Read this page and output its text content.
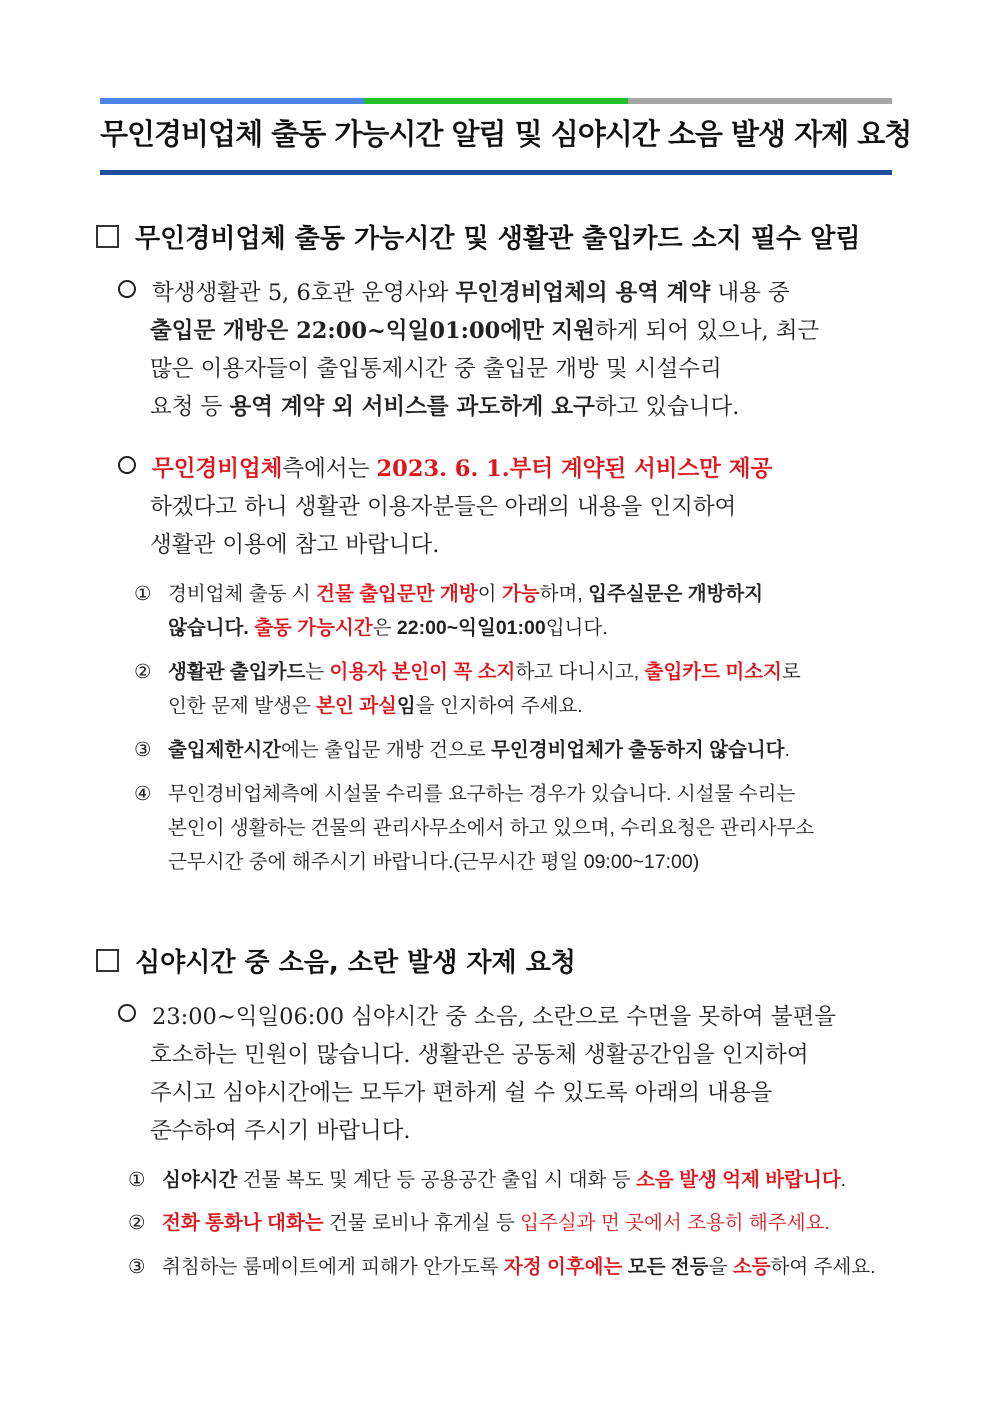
무인경비업체 출동 가능시간 알림 및 심야시간 소음 발생 자제 요청
무인경비업체 출동 가능시간 및 생활관 출입카드 소지 필수 알림
학생생활관 5, 6호관 운영사와 무인경비업체의 용역 계약 내용 중
출입문 개방은 22:00~익일01:00에만 지원하게 되어 있으나, 최근
많은 이용자들이 출입통제시간 중 출입문 개방 및 시설수리
요청 등 용역 계약 외 서비스를 과도하게 요구하고 있습니다.
무인경비업체측에서는 2023. 6. 1.부터 계약된 서비스만 제공
하겠다고 하니 생활관 이용자분들은 아래의 내용을 인지하여
생활관 이용에 참고 바랍니다.
① 경비업체 출동 시 건물 출입문만 개방이 가능하며, 입주실문은 개방하지
않습니다. 출동 가능시간은 22:00~익일01:00입니다.
② 생활관 출입카드는 이용자 본인이 꼭 소지하고 다니시고, 출입카드 미소지로
인한 문제 발생은 본인 과실임을 인지하여 주세요.
③ 출입제한시간에는 출입문 개방 건으로 무인경비업체가 출동하지 않습니다.
④ 무인경비업체측에 시설물 수리를 요구하는 경우가 있습니다. 시설물 수리는
본인이 생활하는 건물의 관리사무소에서 하고 있으며, 수리요청은 관리사무소
근무시간 중에 해주시기 바랍니다.(근무시간 평일 09:00~17:00)
심야시간 중 소음, 소란 발생 자제 요청
23:00~익일06:00 심야시간 중 소음, 소란으로 수면을 못하여 불편을
호소하는 민원이 많습니다. 생활관은 공동체 생활공간임을 인지하여
주시고 심야시간에는 모두가 편하게 쉴 수 있도록 아래의 내용을
준수하여 주시기 바랍니다.
① 심야시간 건물 복도 및 계단 등 공용공간 출입 시 대화 등 소음 발생 억제 바랍니다.
② 전화 통화나 대화는 건물 로비나 휴게실 등 입주실과 먼 곳에서 조용히 해주세요.
③ 취침하는 룸메이트에게 피해가 안가도록 자정 이후에는 모든 전등을 소등하여 주세요.
